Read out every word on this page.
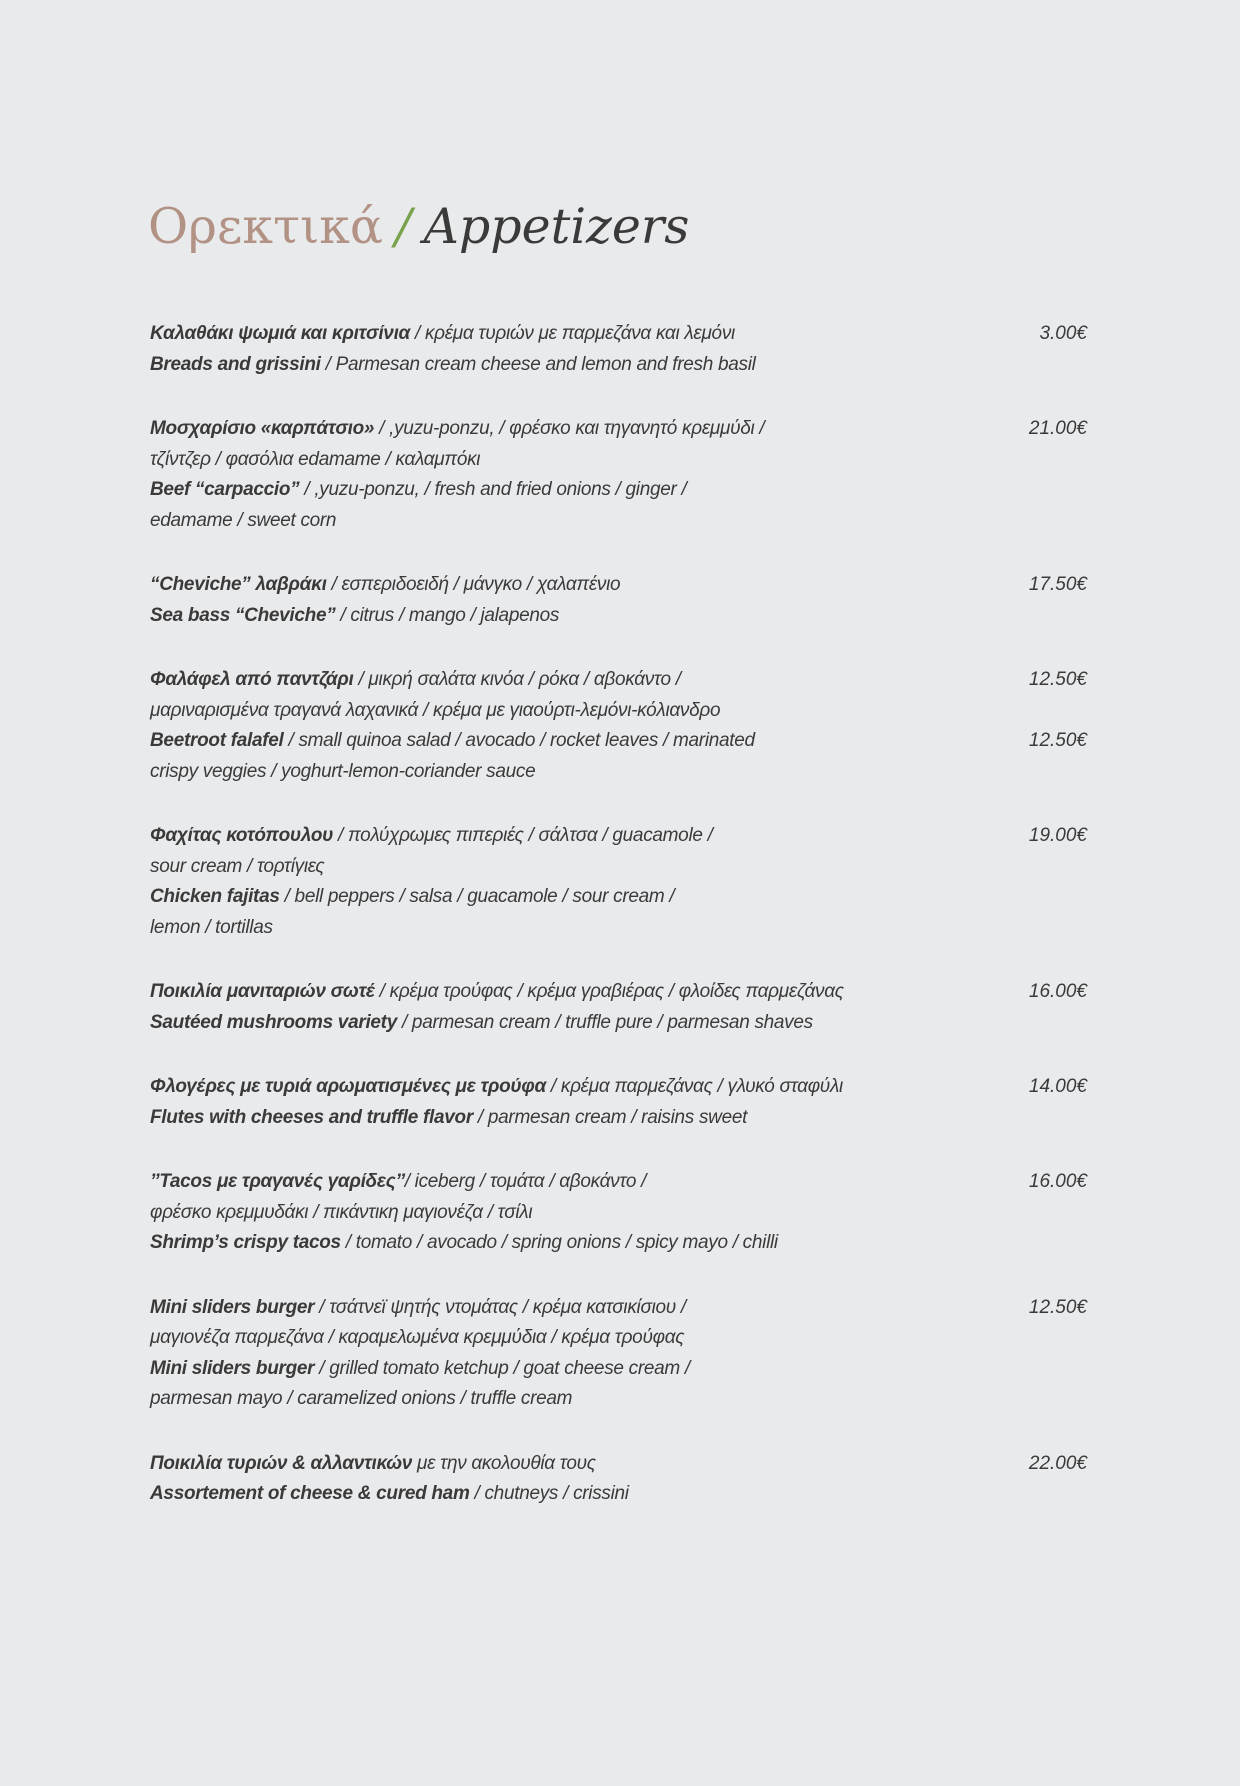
Ορεκτικά / Appetizers
Καλαθάκι ψωμιά και κριτσίνια / κρέμα τυριών με παρμεζάνα και λεμόνι	3.00€
Breads and grissini / Parmesan cream cheese and lemon and fresh basil
Μοσχαρίσιο «καρπάτσιο» / ,yuzu-ponzu, / φρέσκο και τηγανητό κρεμμύδι /	21.00€
τζίντζερ / φασόλια edamame / καλαμπόκι
Beef “carpaccio” / ,yuzu-ponzu, / fresh and fried onions / ginger /
edamame / sweet corn
“Cheviche” λαβράκι / εσπεριδοειδή / μάνγκο / χαλαπένιο	17.50€
Sea bass “Cheviche” / citrus / mango / jalapenos
Φαλάφελ από παντζάρι / μικρή σαλάτα κινόα / ρόκα / αβοκάντο /	12.50€
μαριναρισμένα τραγανά λαχανικά / κρέμα με γιαούρτι-λεμόνι-κόλιανδρο
Beetroot falafel / small quinoa salad / avocado / rocket leaves / marinated	12.50€
crispy veggies / yoghurt-lemon-coriander sauce
Φαχίτας κοτόπουλου / πολύχρωμες πιπεριές / σάλτσα / guacamole /	19.00€
sour cream / τορτίγιες
Chicken fajitas / bell peppers / salsa / guacamole / sour cream /
lemon / tortillas
Ποικιλία μανιταριών σωτέ / κρέμα τρούφας / κρέμα γραβιέρας / φλοίδες παρμεζάνας	16.00€
Sautéed mushrooms variety / parmesan cream / truffle pure / parmesan shaves
Φλογέρες με τυριά αρωματισμένες με τρούφα / κρέμα παρμεζάνας / γλυκό σταφύλι	14.00€
Flutes with cheeses and truffle flavor / parmesan cream / raisins sweet
’’Tacos με τραγανές γαρίδες’’/ iceberg / τομάτα / αβοκάντο /	16.00€
φρέσκο κρεμμυδάκι / πικάντικη μαγιονέζα / τσίλι
Shrimp’s crispy tacos / tomato / avocado / spring onions / spicy mayo / chilli
Mini sliders burger / τσάτνεϊ ψητής ντομάτας / κρέμα κατσικίσιου /	12.50€
μαγιονέζα παρμεζάνα / καραμελωμένα κρεμμύδια / κρέμα τρούφας
Mini sliders burger / grilled tomato ketchup / goat cheese cream /
parmesan mayo / caramelized onions / truffle cream
Ποικιλία τυριών & αλλαντικών με την ακολουθία τους	22.00€
Assortement of cheese & cured ham / chutneys / crissini
